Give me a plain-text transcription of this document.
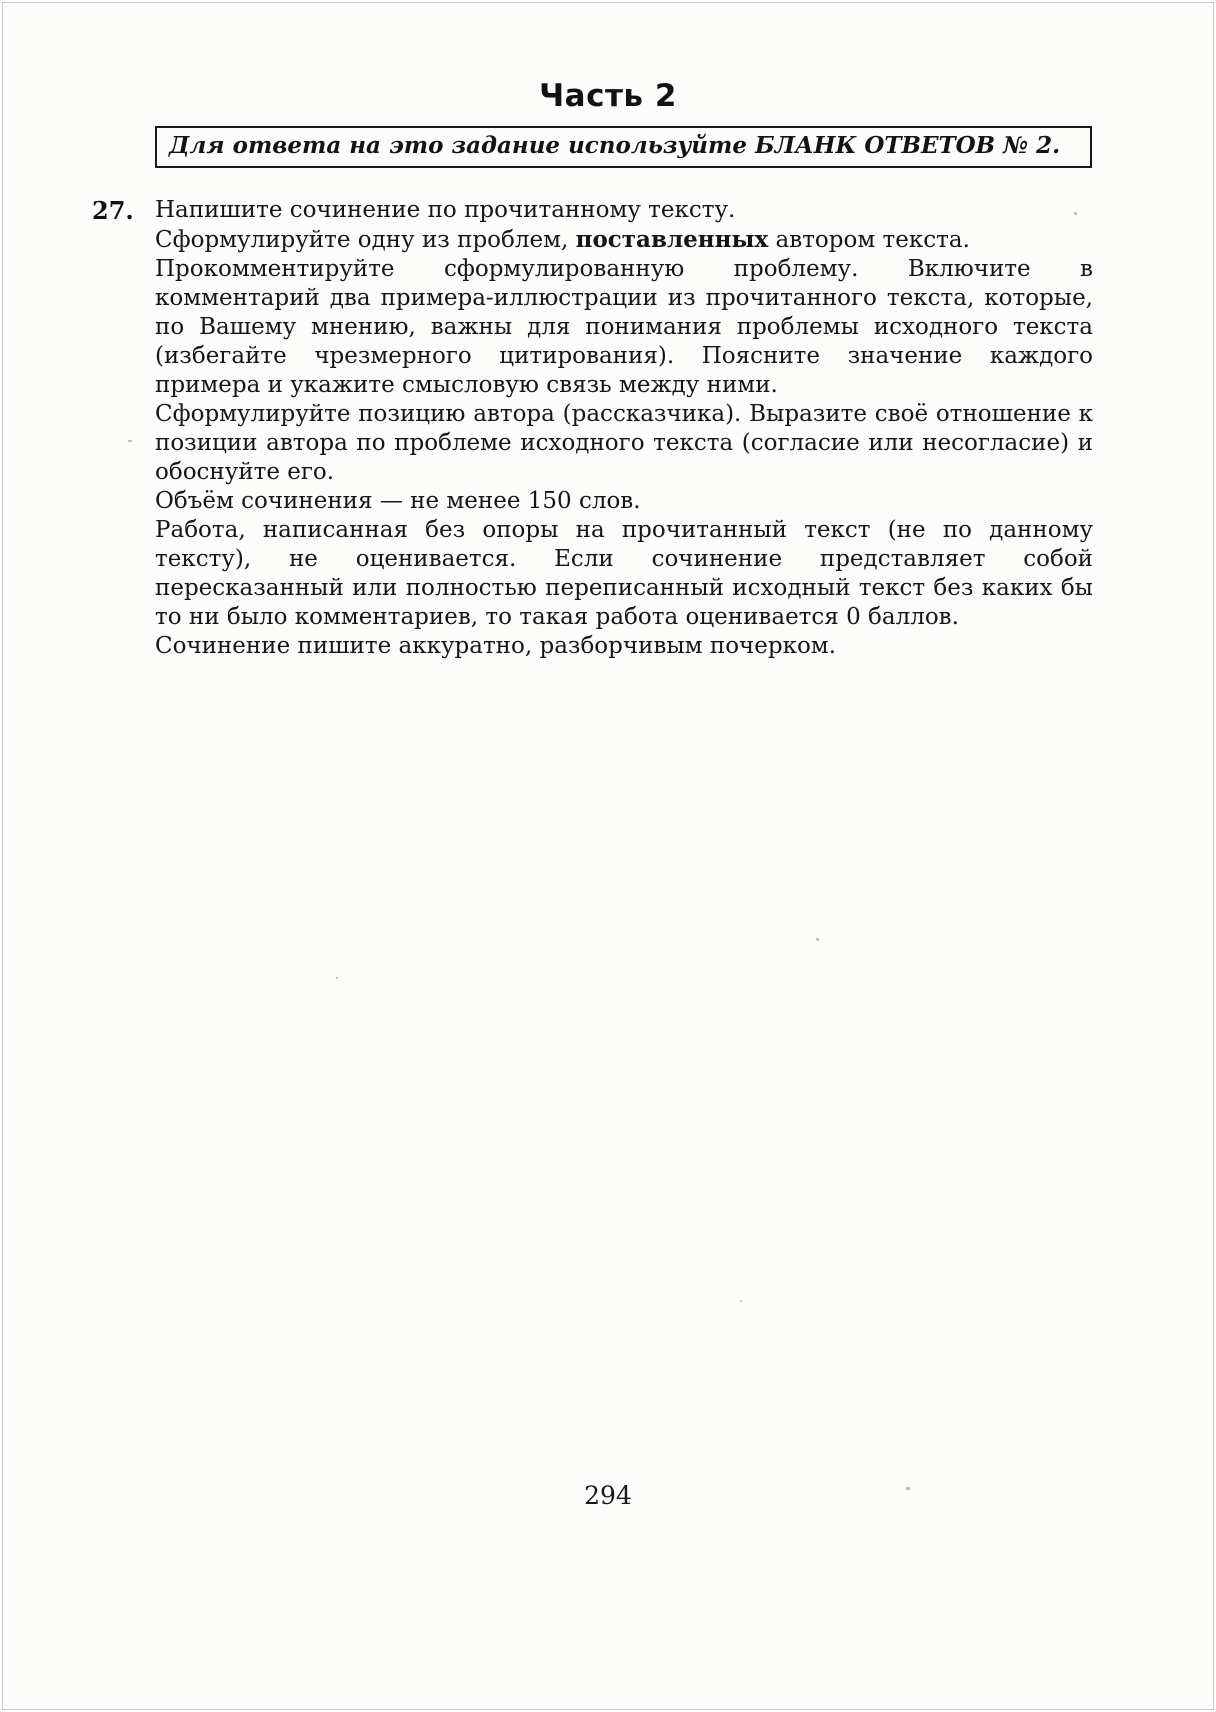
Часть 2
Для ответа на это задание используйте БЛАНК ОТВЕТОВ № 2.
27. Напишите сочинение по прочитанному тексту.

Сформулируйте одну из проблем, поставленных автором текста.

Прокомментируйте сформулированную проблему. Включите в комментарий два примера-иллюстрации из прочитанного текста, которые, по Вашему мнению, важны для понимания проблемы исходного текста (избегайте чрезмерного цитирования). Поясните значение каждого примера и укажите смысловую связь между ними.

Сформулируйте позицию автора (рассказчика). Выразите своё отношение к позиции автора по проблеме исходного текста (согласие или несогласие) и обоснуйте его.

Объём сочинения — не менее 150 слов.

Работа, написанная без опоры на прочитанный текст (не по данному тексту), не оценивается. Если сочинение представляет собой пересказанный или полностью переписанный исходный текст без каких бы то ни было комментариев, то такая работа оценивается 0 баллов.

Сочинение пишите аккуратно, разборчивым почерком.

294
